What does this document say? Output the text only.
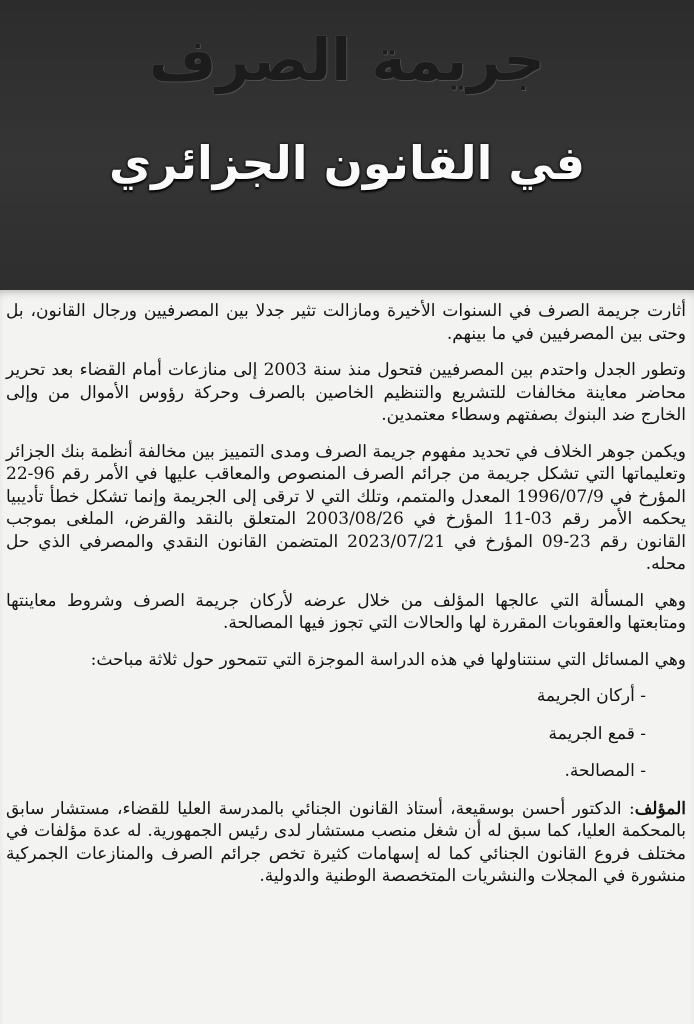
جريمة الصرف
في القانون الجزائري

أثارت جريمة الصرف في السنوات الأخيرة ومازالت تثير جدلا بين المصرفيين ورجال القانون، بل وحتى بين المصرفيين في ما بينهم.

وتطور الجدل واحتدم بين المصرفيين فتحول منذ سنة 2003 إلى منازعات أمام القضاء بعد تحرير محاضر معاينة مخالفات للتشريع والتنظيم الخاصين بالصرف وحركة رؤوس الأموال من وإلى الخارج ضد البنوك بصفتهم وسطاء معتمدين.

ويكمن جوهر الخلاف في تحديد مفهوم جريمة الصرف ومدى التمييز بين مخالفة أنظمة بنك الجزائر وتعليماتها التي تشكل جريمة من جرائم الصرف المنصوص والمعاقب عليها في الأمر رقم 96-22 المؤرخ في 1996/07/9 المعدل والمتمم، وتلك التي لا ترقى إلى الجريمة وإنما تشكل خطأ تأديبيا يحكمه الأمر رقم 03-11 المؤرخ في 2003/08/26 المتعلق بالنقد والقرض، الملغى بموجب القانون رقم 23-09 المؤرخ في 2023/07/21 المتضمن القانون النقدي والمصرفي الذي حل محله.

وهي المسألة التي عالجها المؤلف من خلال عرضه لأركان جريمة الصرف وشروط معاينتها ومتابعتها والعقوبات المقررة لها والحالات التي تجوز فيها المصالحة.

وهي المسائل التي سنتناولها في هذه الدراسة الموجزة التي تتمحور حول ثلاثة مباحث:

- أركان الجريمة
- قمع الجريمة
- المصالحة.

المؤلف: الدكتور أحسن بوسقيعة، أستاذ القانون الجنائي بالمدرسة العليا للقضاء، مستشار سابق بالمحكمة العليا، كما سبق له أن شغل منصب مستشار لدى رئيس الجمهورية. له عدة مؤلفات في مختلف فروع القانون الجنائي كما له إسهامات كثيرة تخص جرائم الصرف والمنازعات الجمركية منشورة في المجلات والنشريات المتخصصة الوطنية والدولية.
